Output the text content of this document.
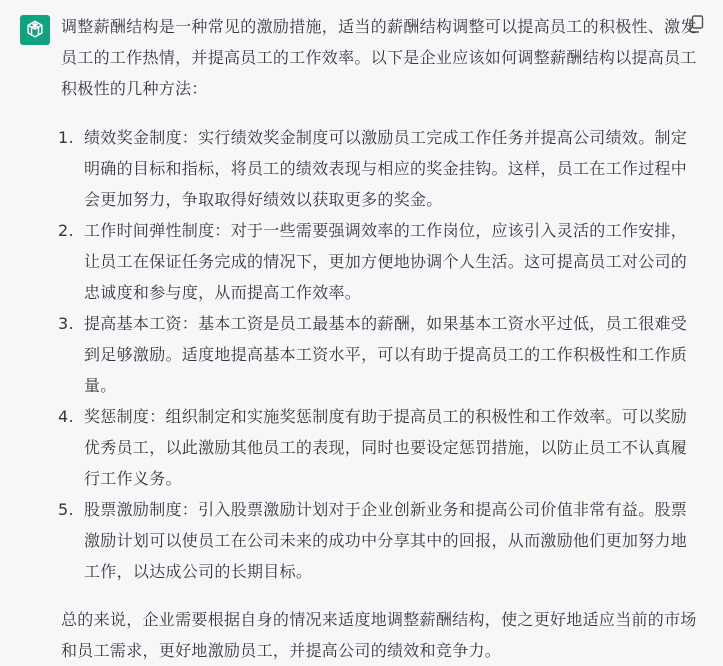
调整薪酬结构是一种常见的激励措施，适当的薪酬结构调整可以提高员工的积极性、激发员工的工作热情，并提高员工的工作效率。以下是企业应该如何调整薪酬结构以提高员工积极性的几种方法：

1. 绩效奖金制度：实行绩效奖金制度可以激励员工完成工作任务并提高公司绩效。制定明确的目标和指标，将员工的绩效表现与相应的奖金挂钩。这样，员工在工作过程中会更加努力，争取取得好绩效以获取更多的奖金。
2. 工作时间弹性制度：对于一些需要强调效率的工作岗位，应该引入灵活的工作安排，让员工在保证任务完成的情况下，更加方便地协调个人生活。这可提高员工对公司的忠诚度和参与度，从而提高工作效率。
3. 提高基本工资：基本工资是员工最基本的薪酬，如果基本工资水平过低，员工很难受到足够激励。适度地提高基本工资水平，可以有助于提高员工的工作积极性和工作质量。
4. 奖惩制度：组织制定和实施奖惩制度有助于提高员工的积极性和工作效率。可以奖励优秀员工，以此激励其他员工的表现，同时也要设定惩罚措施，以防止员工不认真履行工作义务。
5. 股票激励制度：引入股票激励计划对于企业创新业务和提高公司价值非常有益。股票激励计划可以使员工在公司未来的成功中分享其中的回报，从而激励他们更加努力地工作，以达成公司的长期目标。

总的来说，企业需要根据自身的情况来适度地调整薪酬结构，使之更好地适应当前的市场和员工需求，更好地激励员工，并提高公司的绩效和竞争力。
